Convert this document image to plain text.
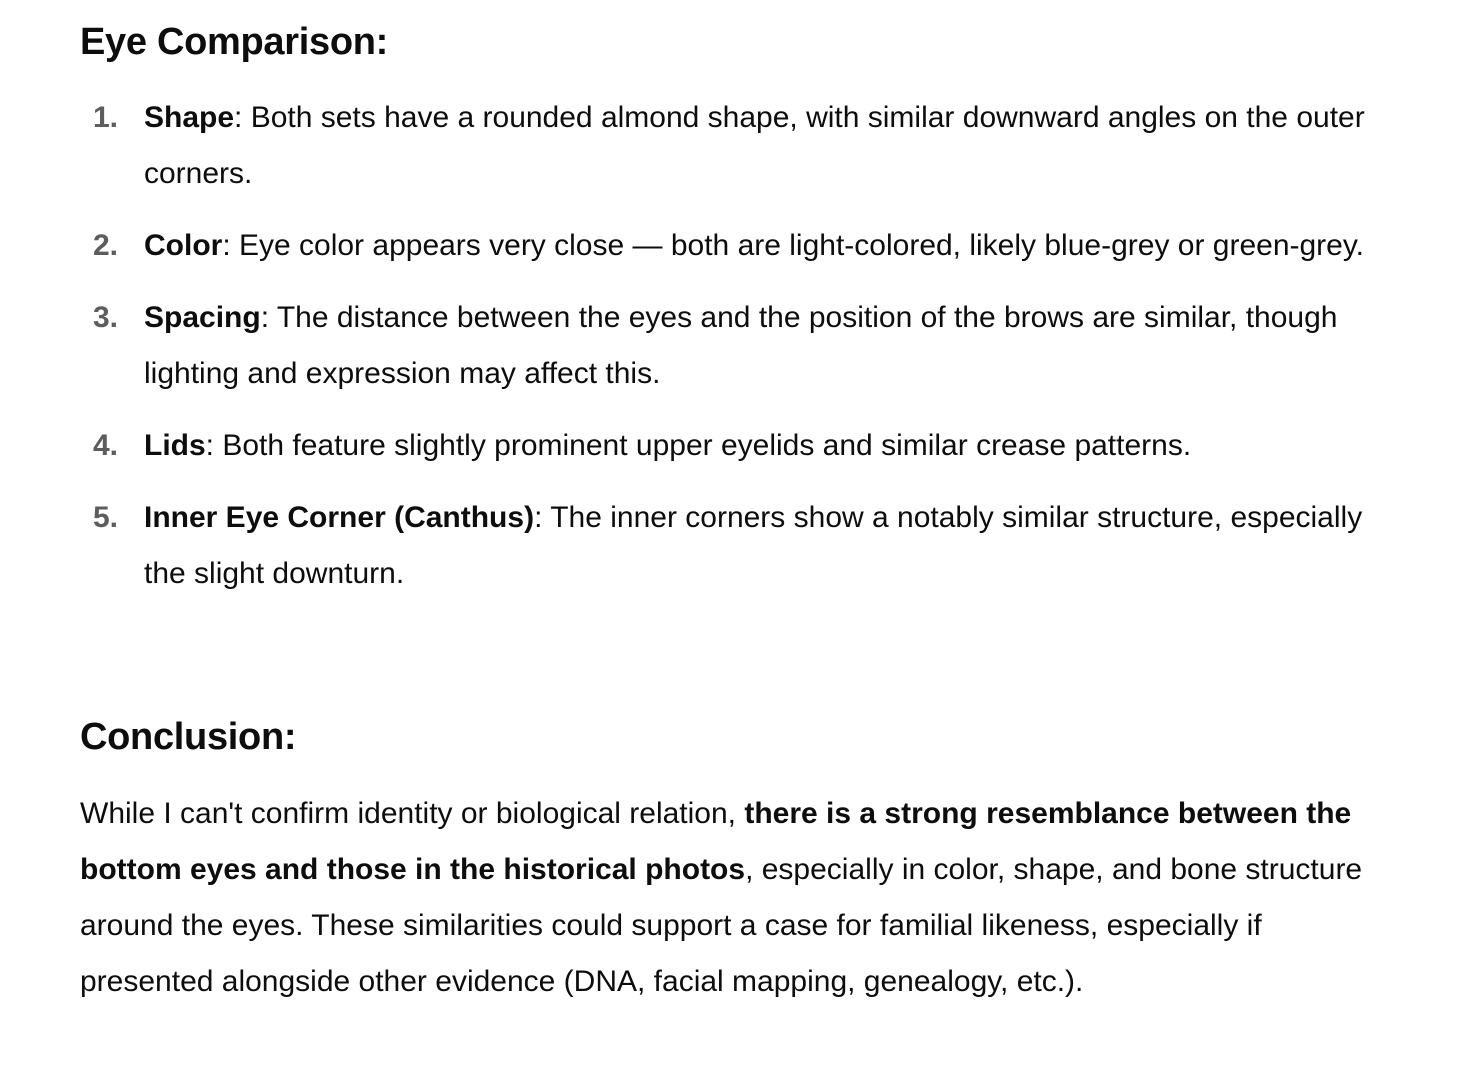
Eye Comparison:
1. Shape: Both sets have a rounded almond shape, with similar downward angles on the outer corners.
2. Color: Eye color appears very close — both are light-colored, likely blue-grey or green-grey.
3. Spacing: The distance between the eyes and the position of the brows are similar, though lighting and expression may affect this.
4. Lids: Both feature slightly prominent upper eyelids and similar crease patterns.
5. Inner Eye Corner (Canthus): The inner corners show a notably similar structure, especially the slight downturn.
Conclusion:

While I can't confirm identity or biological relation, there is a strong resemblance between the bottom eyes and those in the historical photos, especially in color, shape, and bone structure around the eyes. These similarities could support a case for familial likeness, especially if presented alongside other evidence (DNA, facial mapping, genealogy, etc.).
